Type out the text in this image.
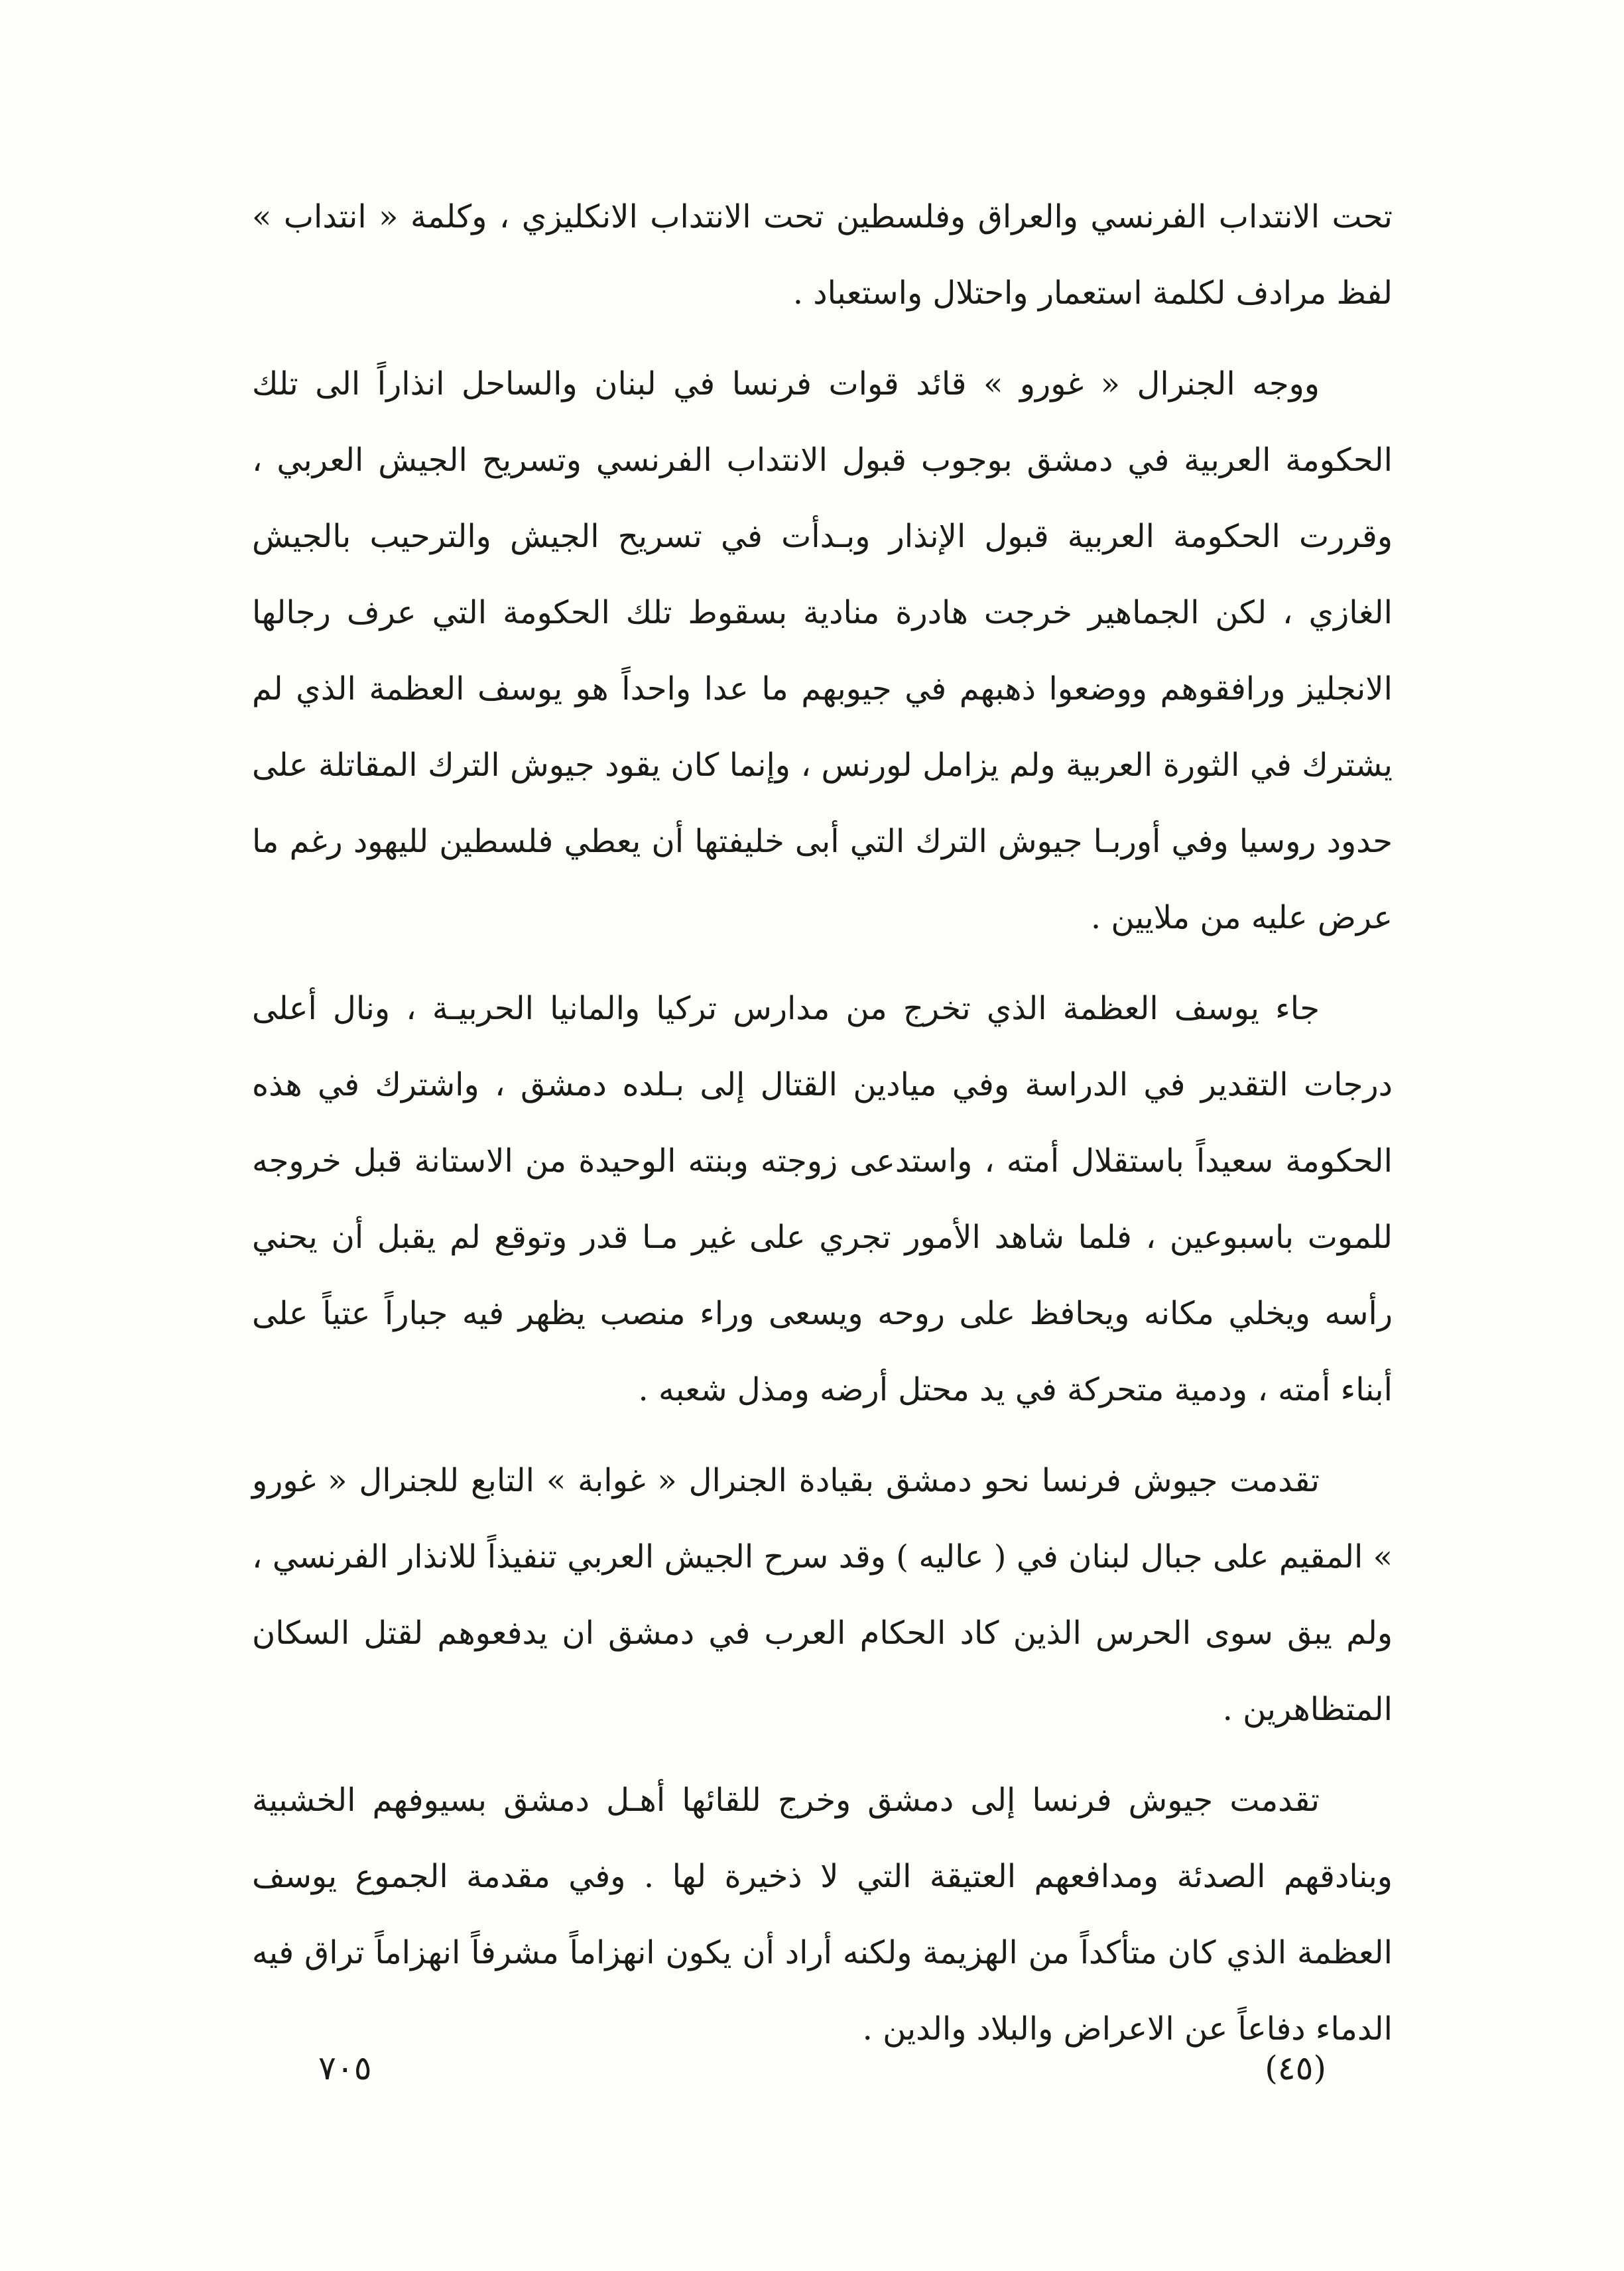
تحت الانتداب الفرنسي والعراق وفلسطين تحت الانتداب الانكليزي ، وكلمة « انتداب » لفظ مرادف لكلمة استعمار واحتلال واستعباد .

ووجه الجنرال « غورو » قائد قوات فرنسا في لبنان والساحل انذاراً الى تلك الحكومة العربية في دمشق بوجوب قبول الانتداب الفرنسي وتسريح الجيش العربي ، وقررت الحكومة العربية قبول الإنذار وبـدأت في تسريح الجيش والترحيب بالجيش الغازي ، لكن الجماهير خرجت هادرة منادية بسقوط تلك الحكومة التي عرف رجالها الانجليز ورافقوهم ووضعوا ذهبهم في جيوبهم ما عدا واحداً هو يوسف العظمة الذي لم يشترك في الثورة العربية ولم يزامل لورنس ، وإنما كان يقود جيوش الترك المقاتلة على حدود روسيا وفي أوربـا جيوش الترك التي أبى خليفتها أن يعطي فلسطين لليهود رغم ما عرض عليه من ملايين .

جاء يوسف العظمة الذي تخرج من مدارس تركيا والمانيا الحربيـة ، ونال أعلى درجات التقدير في الدراسة وفي ميادين القتال إلى بـلده دمشق ، واشترك في هذه الحكومة سعيداً باستقلال أمته ، واستدعى زوجته وبنته الوحيدة من الاستانة قبل خروجه للموت باسبوعين ، فلما شاهد الأمور تجري على غير مـا قدر وتوقع لم يقبل أن يحني رأسه ويخلي مكانه ويحافظ على روحه ويسعى وراء منصب يظهر فيه جباراً عتياً على أبناء أمته ، ودمية متحركة في يد محتل أرضه ومذل شعبه .

تقدمت جيوش فرنسا نحو دمشق بقيادة الجنرال « غوابة » التابع للجنرال « غورو » المقيم على جبال لبنان في ( عاليه ) وقد سرح الجيش العربي تنفيذاً للانذار الفرنسي ، ولم يبق سوى الحرس الذين كاد الحكام العرب في دمشق ان يدفعوهم لقتل السكان المتظاهرين .

تقدمت جيوش فرنسا إلى دمشق وخرج للقائها أهـل دمشق بسيوفهم الخشبية وبنادقهم الصدئة ومدافعهم العتيقة التي لا ذخيرة لها . وفي مقدمة الجموع يوسف العظمة الذي كان متأكداً من الهزيمة ولكنه أراد أن يكون انهزاماً مشرفاً انهزاماً تراق فيه الدماء دفاعاً عن الاعراض والبلاد والدين .

٧٠٥	(٤٥)
